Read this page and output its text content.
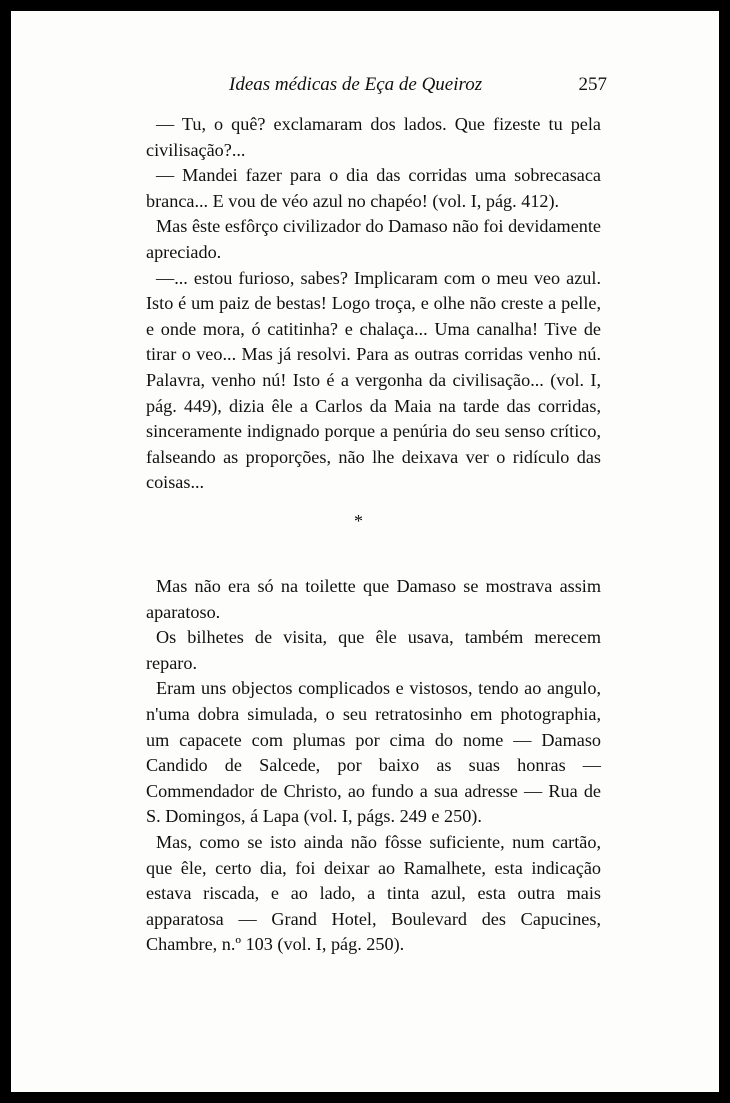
Ideas médicas de Eça de Queiroz	257

— Tu, o quê? exclamaram dos lados. Que fizeste tu pela civilisação?...

— Mandei fazer para o dia das corridas uma sobrecasaca branca... E vou de véo azul no chapéo! (vol. I, pág. 412).

Mas êste esfôrço civilizador do Damaso não foi devidamente apreciado.

—... estou furioso, sabes? Implicaram com o meu veo azul. Isto é um paiz de bestas! Logo troça, e olhe não creste a pelle, e onde mora, ó catitinha? e chalaça... Uma canalha! Tive de tirar o veo... Mas já resolvi. Para as outras corridas venho nú. Palavra, venho nú! Isto é a vergonha da civilisação... (vol. I, pág. 449), dizia êle a Carlos da Maia na tarde das corridas, sinceramente indignado porque a penúria do seu senso crítico, falseando as proporções, não lhe deixava ver o ridículo das coisas...

*

Mas não era só na toilette que Damaso se mostrava assim aparatoso.

Os bilhetes de visita, que êle usava, também merecem reparo.

Eram uns objectos complicados e vistosos, tendo ao angulo, n'uma dobra simulada, o seu retratosinho em photographia, um capacete com plumas por cima do nome — Damaso Candido de Salcede, por baixo as suas honras — Commendador de Christo, ao fundo a sua adresse — Rua de S. Domingos, á Lapa (vol. I, págs. 249 e 250).

Mas, como se isto ainda não fôsse suficiente, num cartão, que êle, certo dia, foi deixar ao Ramalhete, esta indicação estava riscada, e ao lado, a tinta azul, esta outra mais apparatosa — Grand Hotel, Boulevard des Capucines, Chambre, n.º 103 (vol. I, pág. 250).
